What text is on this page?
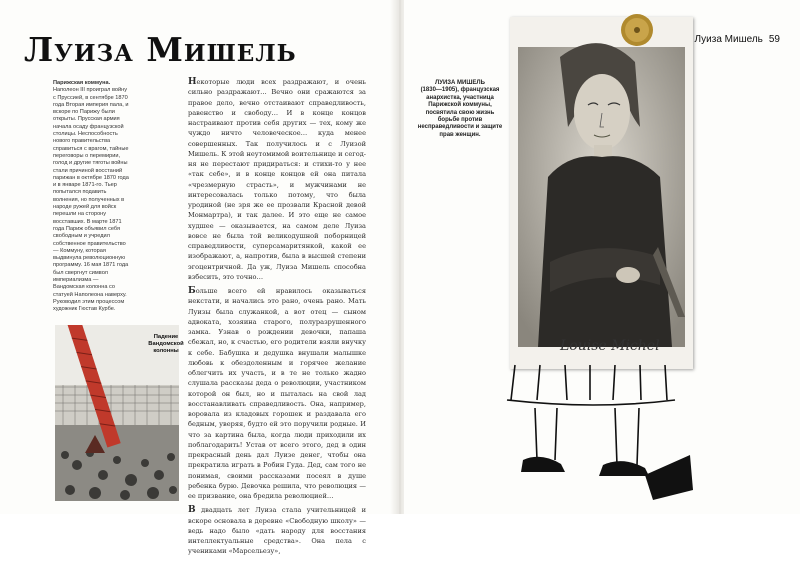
Луиза Мишель
Парижская коммуна.
Наполеон III проиграл войну с Пруссией, в сентябре 1870 года Вторая империя пала, и вскоре по Парижу были открыты. Прусская армия начала осаду французской столицы. Неспособность нового правительства справиться с врагом, тайные переговоры о перемирии, голод и другие тяготы войны стали причиной восстаний парижан в октябре 1870 года и в январе 1871-го. Тьер попытался подавить волнения, но полученных в народе ружей для войск перешли на сторону восставших. В марте 1871 года Париж объявил себя свободным и учредил собственное правительство — Коммуну, которая выдвинула революционную программу. 16 мая 1871 года был свергнут символ империализма — Вандомская колонна со статуей Наполеона наверху. Руководил этим процессом художник Гюстав Курбе.
Падение Вандомской колонны

Некоторые люди всех раздражают, и очень сильно раздражают… Вечно они сражаются за правое дело, вечно отстаивают справедливость, равенство и свободу… И в конце концов настраивают против себя других — тех, кому же чуждо ничто человеческое… куда менее совершенных. Так получилось и с Луизой Мишель. К этой неутомимой воительнице и сегодня не перестают придираться: и стихи-то у нее «так себе», и в конце концов ей она питала «чрезмерную страсть», и мужчинами не интересовалась только потому, что была уродиной (не зря же ее прозвали Красной девой Монмартра), и так далее. И это еще не самое худшее — оказывается, на самом деле Луиза вовсе не была той великодушной поборницей справедливости, суперсамаритянкой, какой ее изображают, а, напротив, была в высшей степени эгоцентричной. Да уж, Луиза Мишель способна взбесить, это точно…

Больше всего ей нравилось оказываться некстати, и начались это рано, очень рано. Мать Луизы была служанкой, а вот отец — сыном адвоката, хозяина старого, полуразрушенного замка. Узнав о рождении девочки, папаша сбежал, но, к счастью, его родители взяли внучку к себе. Бабушка и дедушка внушали малышке любовь к обездоленным и горячее желание облегчить их участь, и в те не только жадно слушала рассказы деда о революции, участником которой он был, но и пыталась на свой лад восстанавливать справедливость. Она, например, воровала из кладовых горошек и раздавала его бедным, уверяя, будто ей это поручили родные. И что за картина была, когда люди приходили их поблагодарить! Устав от всего этого, дед в один прекрасный день дал Луизе денег, чтобы она прекратила играть в Робин Гуда. Дед, сам того не понимая, своими рассказами посеял в душе ребенка бурю. Девочка решила, что революция — ее призвание, она бредила революцией…

В двадцать лет Луиза стала учительницей и вскоре основала в деревне «Свободную школу» — ведь надо было «дать народу для восстания интеллектуальные средства». Она пела с учениками «Марсельезу»,

Луиза Мишель 59
ЛУИЗА МИШЕЛЬ
(1830—1905), французская анархистка, участница Парижской коммуны, посвятила свою жизнь борьбе против несправедливости и защите прав женщин.
Louise Michel
